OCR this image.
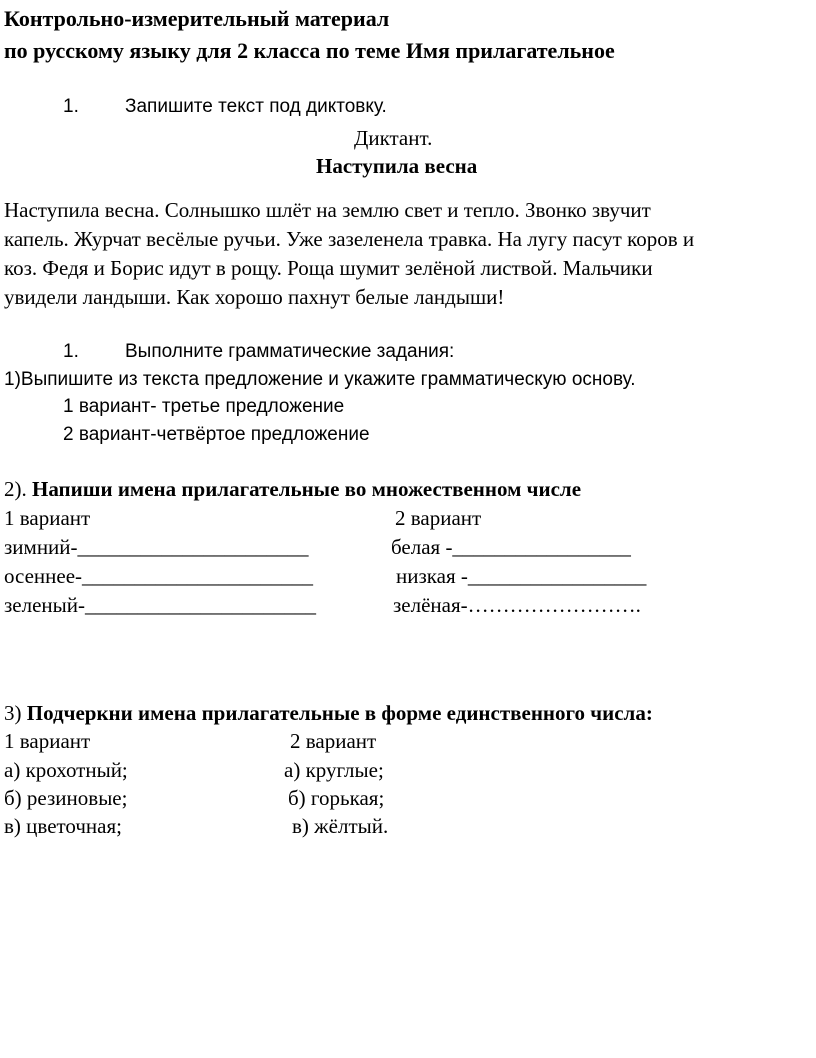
Контрольно-измерительный материал
по русскому языку для 2 класса по теме Имя прилагательное
1. Запишите текст под диктовку.
Диктант.
Наступила весна
Наступила весна. Солнышко шлёт на землю свет и тепло. Звонко звучит
капель. Журчат весёлые ручьи. Уже зазеленела травка. На лугу пасут коров и
коз. Федя и Борис идут в рощу. Роща шумит зелёной листвой. Мальчики
увидели ландыши. Как хорошо пахнут белые ландыши!
1. Выполните грамматические задания:
1)Выпишите из текста предложение и укажите грамматическую основу.
1 вариант- третье предложение
2 вариант-четвёртое предложение
2). Напиши имена прилагательные во множественном числе
1 вариант	2 вариант
зимний-______________________	белая -_________________
осеннее-______________________	низкая -_________________
зеленый-______________________	зелёная-…………………….
3) Подчеркни имена прилагательные в форме единственного числа:
1 вариант	2 вариант
а) крохотный;	а) круглые;
б) резиновые;	б) горькая;
в) цветочная;	в) жёлтый.
